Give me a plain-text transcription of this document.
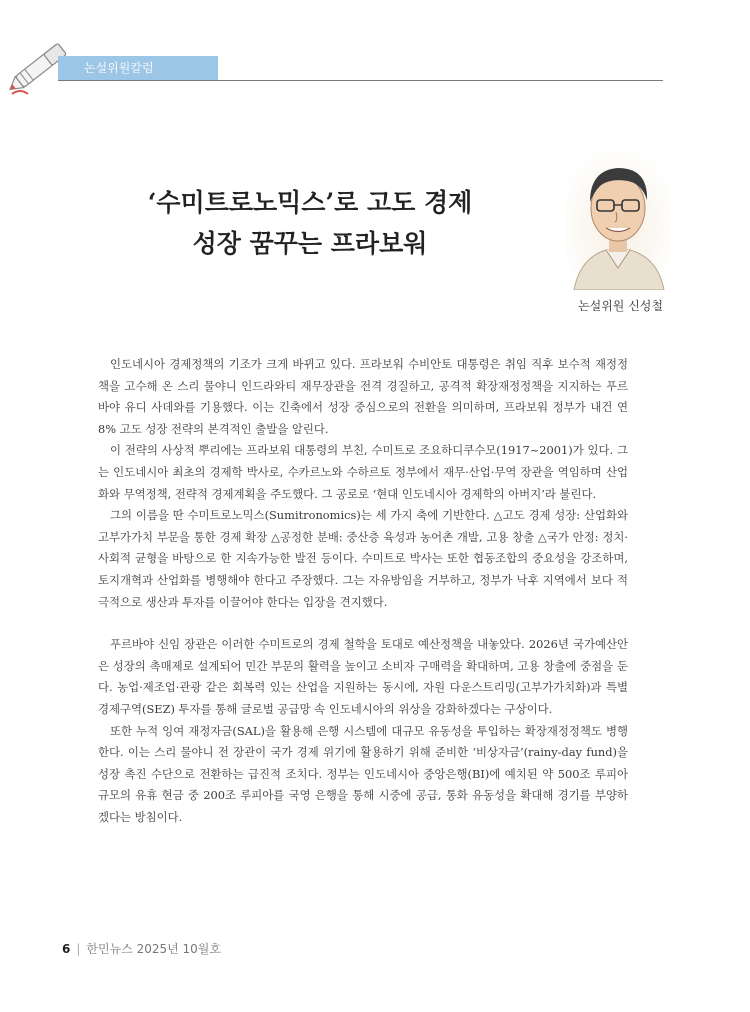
논설위원칼럼
‘수미트로노믹스’로 고도 경제
성장 꿈꾸는 프라보워
논설위원 신성철

인도네시아 경제정책의 기조가 크게 바뀌고 있다. 프라보워 수비안토 대통령은 취임 직후 보수적 재정정책을 고수해 온 스리 물야니 인드라와티 재무장관을 전격 경질하고, 공격적 확장재정정책을 지지하는 푸르바야 유디 사데와를 기용했다. 이는 긴축에서 성장 중심으로의 전환을 의미하며, 프라보워 정부가 내건 연 8% 고도 성장 전략의 본격적인 출발을 알린다.

이 전략의 사상적 뿌리에는 프라보워 대통령의 부친, 수미트로 조요하디쿠수모(1917~2001)가 있다. 그는 인도네시아 최초의 경제학 박사로, 수카르노와 수하르토 정부에서 재무·산업·무역 장관을 역임하며 산업화와 무역정책, 전략적 경제계획을 주도했다. 그 공로로 ‘현대 인도네시아 경제학의 아버지’라 불린다.

그의 이름을 딴 수미트로노믹스(Sumitronomics)는 세 가지 축에 기반한다. △고도 경제 성장: 산업화와 고부가가치 부문을 통한 경제 확장 △공정한 분배: 중산층 육성과 농어촌 개발, 고용 창출 △국가 안정: 정치·사회적 균형을 바탕으로 한 지속가능한 발전 등이다. 수미트로 박사는 또한 협동조합의 중요성을 강조하며, 토지개혁과 산업화를 병행해야 한다고 주장했다. 그는 자유방임을 거부하고, 정부가 낙후 지역에서 보다 적극적으로 생산과 투자를 이끌어야 한다는 입장을 견지했다.

푸르바야 신임 장관은 이러한 수미트로의 경제 철학을 토대로 예산정책을 내놓았다. 2026년 국가예산안은 성장의 촉매제로 설계되어 민간 부문의 활력을 높이고 소비자 구매력을 확대하며, 고용 창출에 중점을 둔다. 농업·제조업·관광 같은 회복력 있는 산업을 지원하는 동시에, 자원 다운스트리밍(고부가가치화)과 특별경제구역(SEZ) 투자를 통해 글로벌 공급망 속 인도네시아의 위상을 강화하겠다는 구상이다.

또한 누적 잉여 재정자금(SAL)을 활용해 은행 시스템에 대규모 유동성을 투입하는 확장재정정책도 병행한다. 이는 스리 물야니 전 장관이 국가 경제 위기에 활용하기 위해 준비한 ‘비상자금’(rainy-day fund)을 성장 촉진 수단으로 전환하는 급진적 조치다. 정부는 인도네시아 중앙은행(BI)에 예치된 약 500조 루피아 규모의 유휴 현금 중 200조 루피아를 국영 은행을 통해 시중에 공급, 통화 유동성을 확대해 경기를 부양하겠다는 방침이다.

6 | 한민뉴스 2025년 10월호
